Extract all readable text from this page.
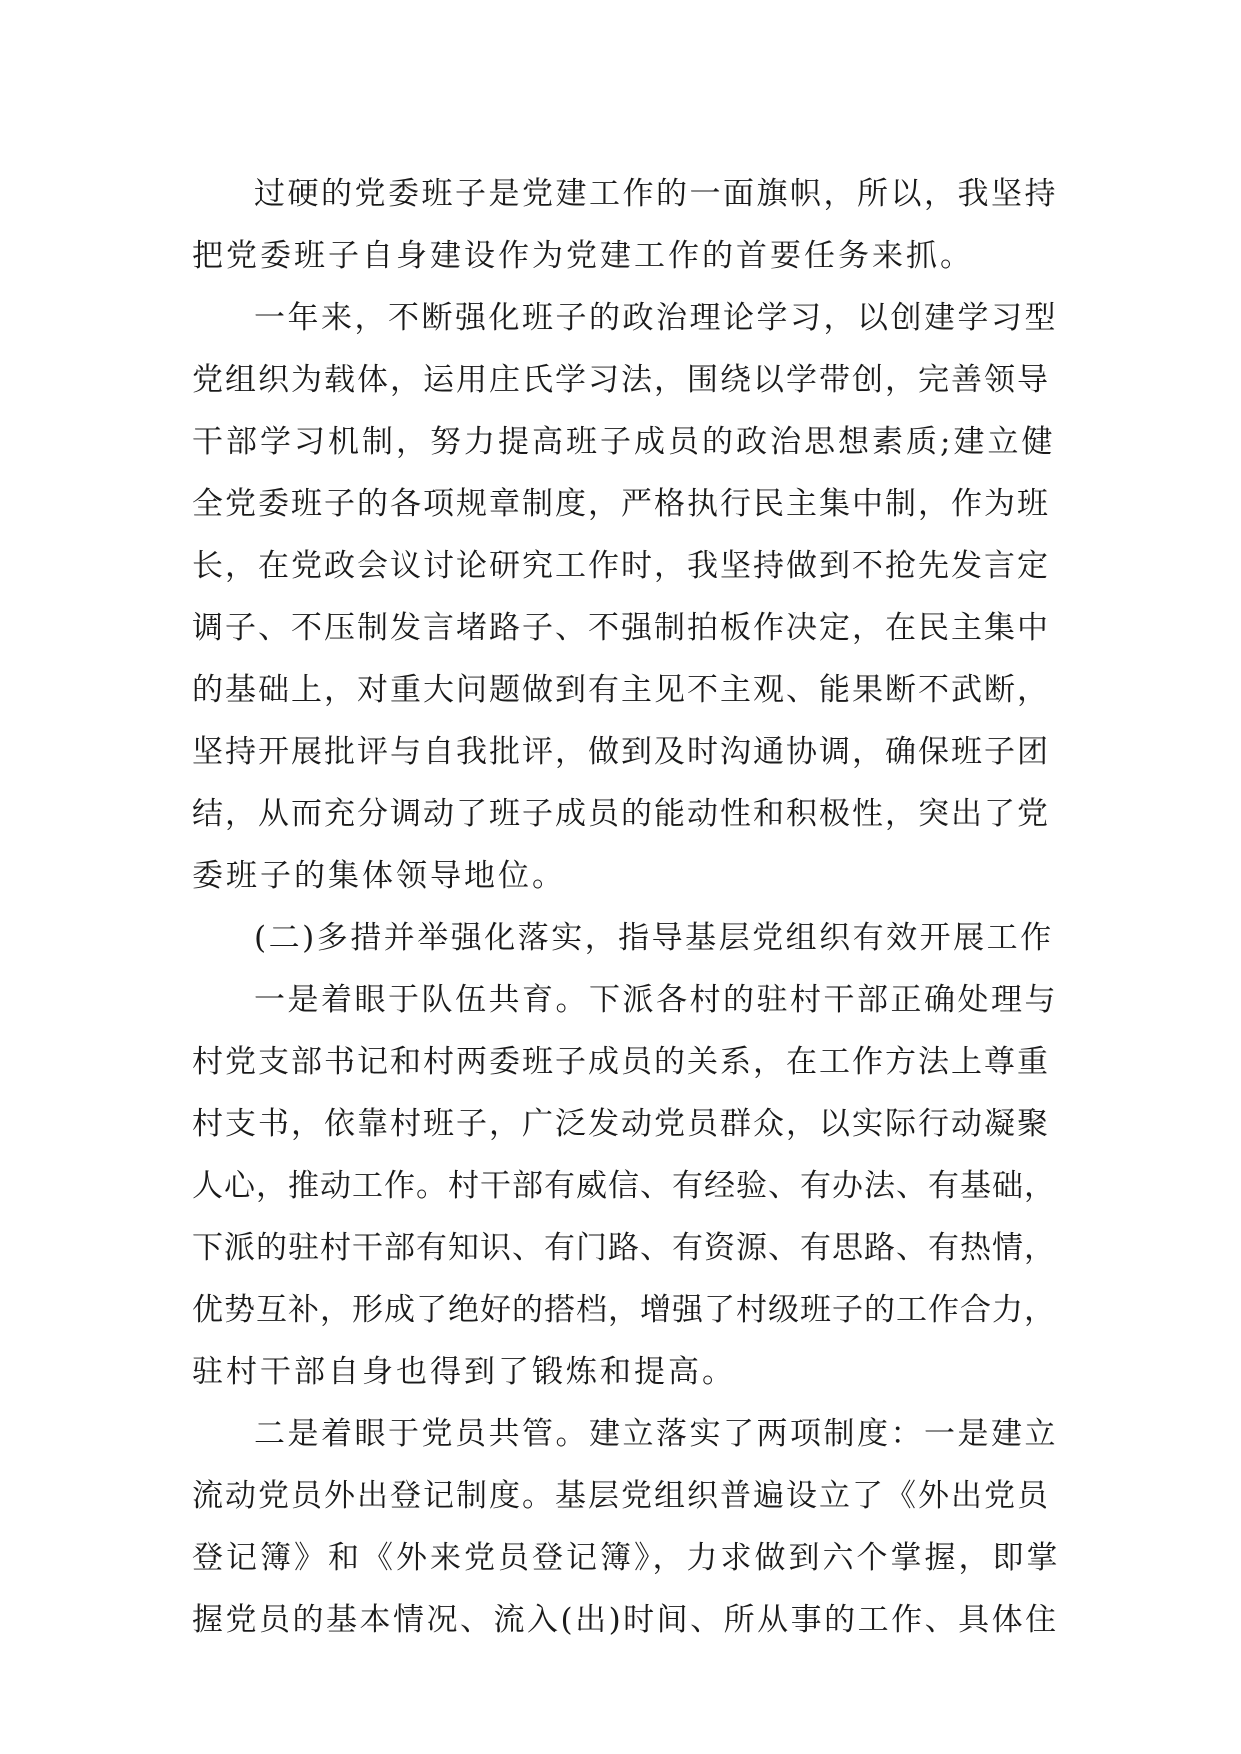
过硬的党委班子是党建工作的一面旗帜，所以，我坚持
把党委班子自身建设作为党建工作的首要任务来抓。
一年来，不断强化班子的政治理论学习，以创建学习型
党组织为载体，运用庄氏学习法，围绕以学带创，完善领导
干部学习机制，努力提高班子成员的政治思想素质;建立健
全党委班子的各项规章制度，严格执行民主集中制，作为班
长，在党政会议讨论研究工作时，我坚持做到不抢先发言定
调子、不压制发言堵路子、不强制拍板作决定，在民主集中
的基础上，对重大问题做到有主见不主观、能果断不武断，
坚持开展批评与自我批评，做到及时沟通协调，确保班子团
结，从而充分调动了班子成员的能动性和积极性，突出了党
委班子的集体领导地位。
(二)多措并举强化落实，指导基层党组织有效开展工作
一是着眼于队伍共育。下派各村的驻村干部正确处理与
村党支部书记和村两委班子成员的关系，在工作方法上尊重
村支书，依靠村班子，广泛发动党员群众，以实际行动凝聚
人心，推动工作。村干部有威信、有经验、有办法、有基础，
下派的驻村干部有知识、有门路、有资源、有思路、有热情，
优势互补，形成了绝好的搭档，增强了村级班子的工作合力，
驻村干部自身也得到了锻炼和提高。
二是着眼于党员共管。建立落实了两项制度：一是建立
流动党员外出登记制度。基层党组织普遍设立了《外出党员
登记簿》和《外来党员登记簿》，力求做到六个掌握，即掌
握党员的基本情况、流入(出)时间、所从事的工作、具体住
